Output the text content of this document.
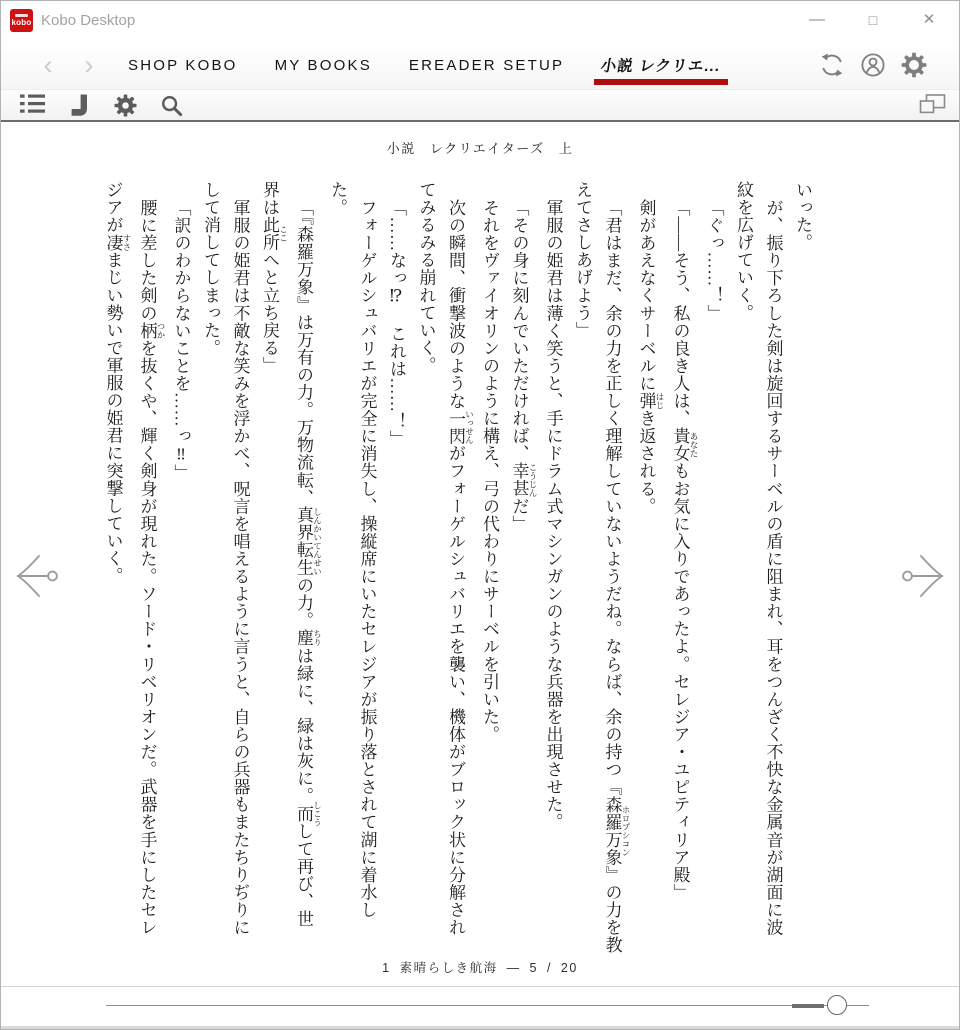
kobo Kobo Desktop	—	□	✕
‹ ›	SHOP KOBO MY BOOKS EREADER SETUP 小説 レクリエ...
小説 レクリエイターズ 上

いった。

が、振り下ろした剣は旋回するサーベルの盾に阻まれ、耳をつんざく不快な金属音が湖面に波

紋を広げていく。

「ぐっ……！」

「——そう、私の良き人は、貴女 あなたもお気に入りであったよ。セレジア・ユピティリア殿」

剣があえなくサーベルに弾 はじき返される。

「君はまだ、余の力を正しく理解していないようだね。ならば、余の持つ『森羅万象 ホロプシコン』の力を教

えてさしあげよう」

軍服の姫君は薄く笑うと、手にドラム式マシンガンのような兵器を出現させた。

「その身に刻んでいただければ、幸甚 こうじんだ」

それをヴァイオリンのように構え、弓の代わりにサーベルを引いた。

次の瞬間、衝撃波のような一閃 いっせんがフォーゲルシュバリエを襲い、機体がブロック状に分解され

てみるみる崩れていく。

「……なっ⁉　これは……！」

フォーゲルシュバリエが完全に消失し、操縦席にいたセレジアが振り落とされて湖に着水し

た。

「『森羅万象』は万有の力。万物流転、真界転生 しんかいてんせいの力。塵 ちりは緑に、緑は灰に。而 しこうして再び、世

界は此所 ここへと立ち戻る」

軍服の姫君は不敵な笑みを浮かべ、呪言を唱えるように言うと、自らの兵器もまたちりぢりに

して消してしまった。

「訳のわからないことを……っ‼」

腰に差した剣の柄 つかを抜くや、輝く剣身が現れた。ソード・リベリオンだ。武器を手にしたセレ

ジアが凄 すさまじい勢いで軍服の姫君に突撃していく。

1 素晴らしき航海 — 5 / 20
